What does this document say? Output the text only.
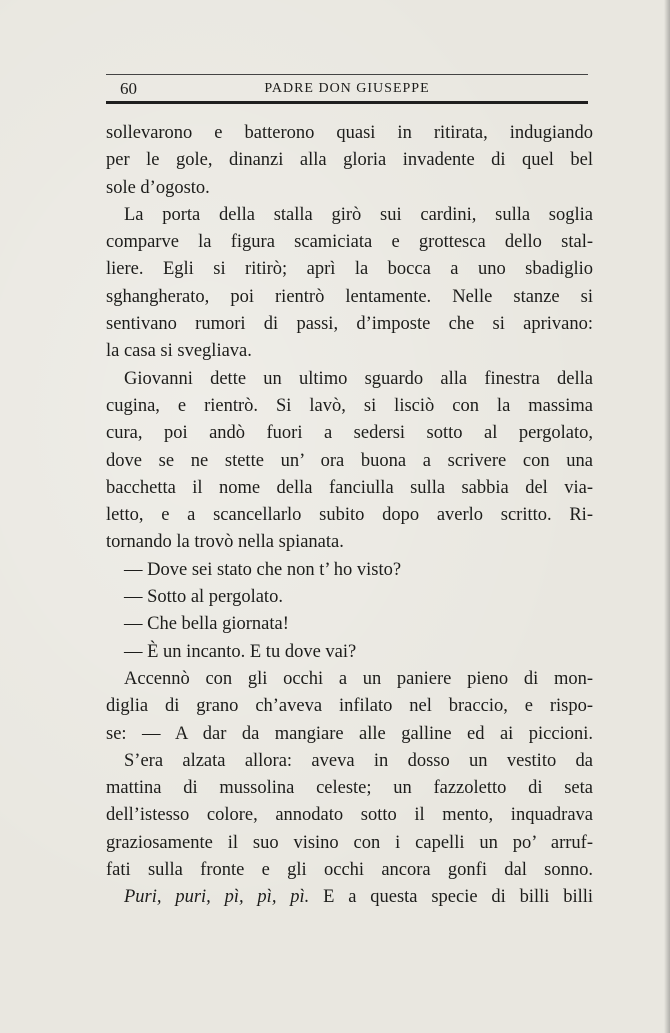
60	PADRE DON GIUSEPPE
sollevarono e batterono quasi in ritirata, indugiando
per le gole, dinanzi alla gloria invadente di quel bel
sole d’ogosto.
La porta della stalla girò sui cardini, sulla soglia
comparve la figura scamiciata e grottesca dello stal-
liere. Egli si ritirò; aprì la bocca a uno sbadiglio
sghangherato, poi rientrò lentamente. Nelle stanze si
sentivano rumori di passi, d’imposte che si aprivano:
la casa si svegliava.
Giovanni dette un ultimo sguardo alla finestra della
cugina, e rientrò. Si lavò, si lisciò con la massima
cura, poi andò fuori a sedersi sotto al pergolato,
dove se ne stette un’ ora buona a scrivere con una
bacchetta il nome della fanciulla sulla sabbia del via-
letto, e a scancellarlo subito dopo averlo scritto. Ri-
tornando la trovò nella spianata.
— Dove sei stato che non t’ ho visto?
— Sotto al pergolato.
— Che bella giornata!
— È un incanto. E tu dove vai?
Accennò con gli occhi a un paniere pieno di mon-
diglia di grano ch’aveva infilato nel braccio, e rispo-
se: — A dar da mangiare alle galline ed ai piccioni.
S’era alzata allora: aveva in dosso un vestito da
mattina di mussolina celeste; un fazzoletto di seta
dell’istesso colore, annodato sotto il mento, inquadrava
graziosamente il suo visino con i capelli un po’ arruf-
fati sulla fronte e gli occhi ancora gonfi dal sonno.
Puri, puri, pì, pì, pì. E a questa specie di billi billi
